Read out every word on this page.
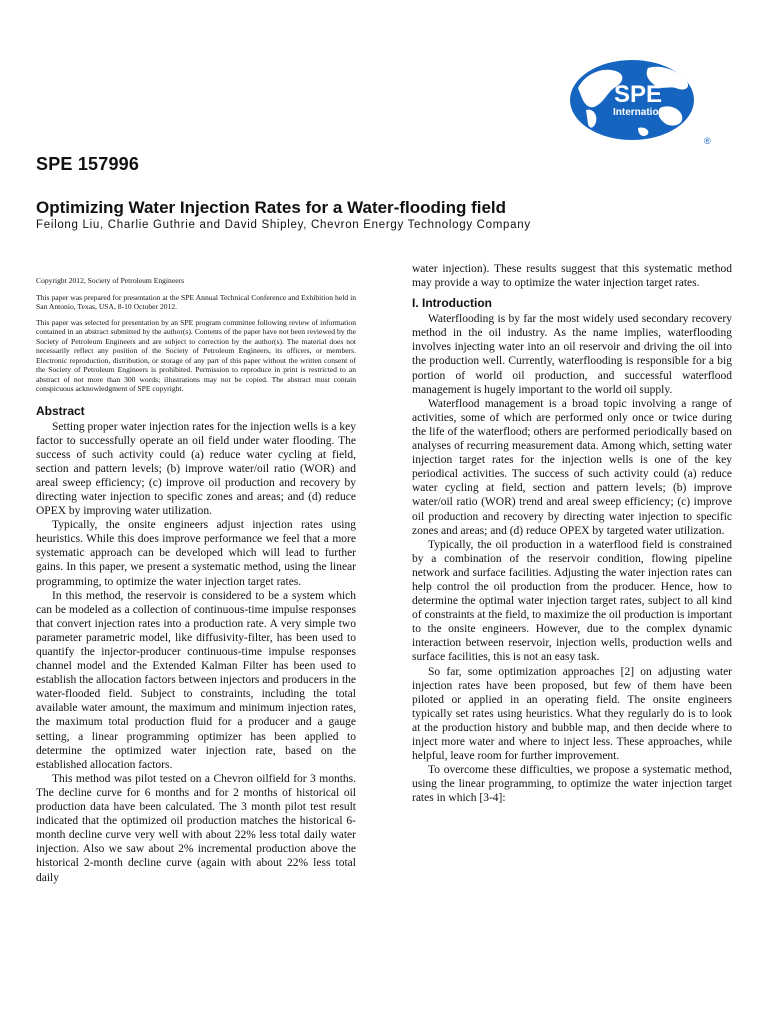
SPE
International
®
SPE 157996
Optimizing Water Injection Rates for a Water-flooding field
Feilong Liu, Charlie Guthrie and David Shipley, Chevron Energy Technology Company

Copyright 2012, Society of Petroleum Engineers

This paper was prepared for presentation at the SPE Annual Technical Conference and Exhibition held in San Antonio, Texas, USA, 8-10 October 2012.

This paper was selected for presentation by an SPE program committee following review of information contained in an abstract submitted by the author(s). Contents of the paper have not been reviewed by the Society of Petroleum Engineers and are subject to correction by the author(s). The material does not necessarily reflect any position of the Society of Petroleum Engineers, its officers, or members. Electronic reproduction, distribution, or storage of any part of this paper without the written consent of the Society of Petroleum Engineers is prohibited. Permission to reproduce in print is restricted to an abstract of not more than 300 words; illustrations may not be copied. The abstract must contain conspicuous acknowledgment of SPE copyright.

Abstract

Setting proper water injection rates for the injection wells is a key factor to successfully operate an oil field under water flooding. The success of such activity could (a) reduce water cycling at field, section and pattern levels; (b) improve water/oil ratio (WOR) and areal sweep efficiency; (c) improve oil production and recovery by directing water injection to specific zones and areas; and (d) reduce OPEX by improving water utilization.

Typically, the onsite engineers adjust injection rates using heuristics. While this does improve performance we feel that a more systematic approach can be developed which will lead to further gains. In this paper, we present a systematic method, using the linear programming, to optimize the water injection target rates.

In this method, the reservoir is considered to be a system which can be modeled as a collection of continuous-time impulse responses that convert injection rates into a production rate. A very simple two parameter parametric model, like diffusivity-filter, has been used to quantify the injector-producer continuous-time impulse responses channel model and the Extended Kalman Filter has been used to establish the allocation factors between injectors and producers in the water-flooded field. Subject to constraints, including the total available water amount, the maximum and minimum injection rates, the maximum total production fluid for a producer and a gauge setting, a linear programming optimizer has been applied to determine the optimized water injection rate, based on the established allocation factors.

This method was pilot tested on a Chevron oilfield for 3 months. The decline curve for 6 months and for 2 months of historical oil production data have been calculated. The 3 month pilot test result indicated that the optimized oil production matches the historical 6-month decline curve very well with about 22% less total daily water injection. Also we saw about 2% incremental production above the historical 2-month decline curve (again with about 22% less total daily

water injection). These results suggest that this systematic method may provide a way to optimize the water injection target rates.

I. Introduction

Waterflooding is by far the most widely used secondary recovery method in the oil industry. As the name implies, waterflooding involves injecting water into an oil reservoir and driving the oil into the production well. Currently, waterflooding is responsible for a big portion of world oil production, and successful waterflood management is hugely important to the world oil supply.

Waterflood management is a broad topic involving a range of activities, some of which are performed only once or twice during the life of the waterflood; others are performed periodically based on analyses of recurring measurement data. Among which, setting water injection target rates for the injection wells is one of the key periodical activities. The success of such activity could (a) reduce water cycling at field, section and pattern levels; (b) improve water/oil ratio (WOR) trend and areal sweep efficiency; (c) improve oil production and recovery by directing water injection to specific zones and areas; and (d) reduce OPEX by targeted water utilization.

Typically, the oil production in a waterflood field is constrained by a combination of the reservoir condition, flowing pipeline network and surface facilities. Adjusting the water injection rates can help control the oil production from the producer. Hence, how to determine the optimal water injection target rates, subject to all kind of constraints at the field, to maximize the oil production is important to the onsite engineers. However, due to the complex dynamic interaction between reservoir, injection wells, production wells and surface facilities, this is not an easy task.

So far, some optimization approaches [2] on adjusting water injection rates have been proposed, but few of them have been piloted or applied in an operating field. The onsite engineers typically set rates using heuristics. What they regularly do is to look at the production history and bubble map, and then decide where to inject more water and where to inject less. These approaches, while helpful, leave room for further improvement.

To overcome these difficulties, we propose a systematic method, using the linear programming, to optimize the water injection target rates in which [3-4]:
